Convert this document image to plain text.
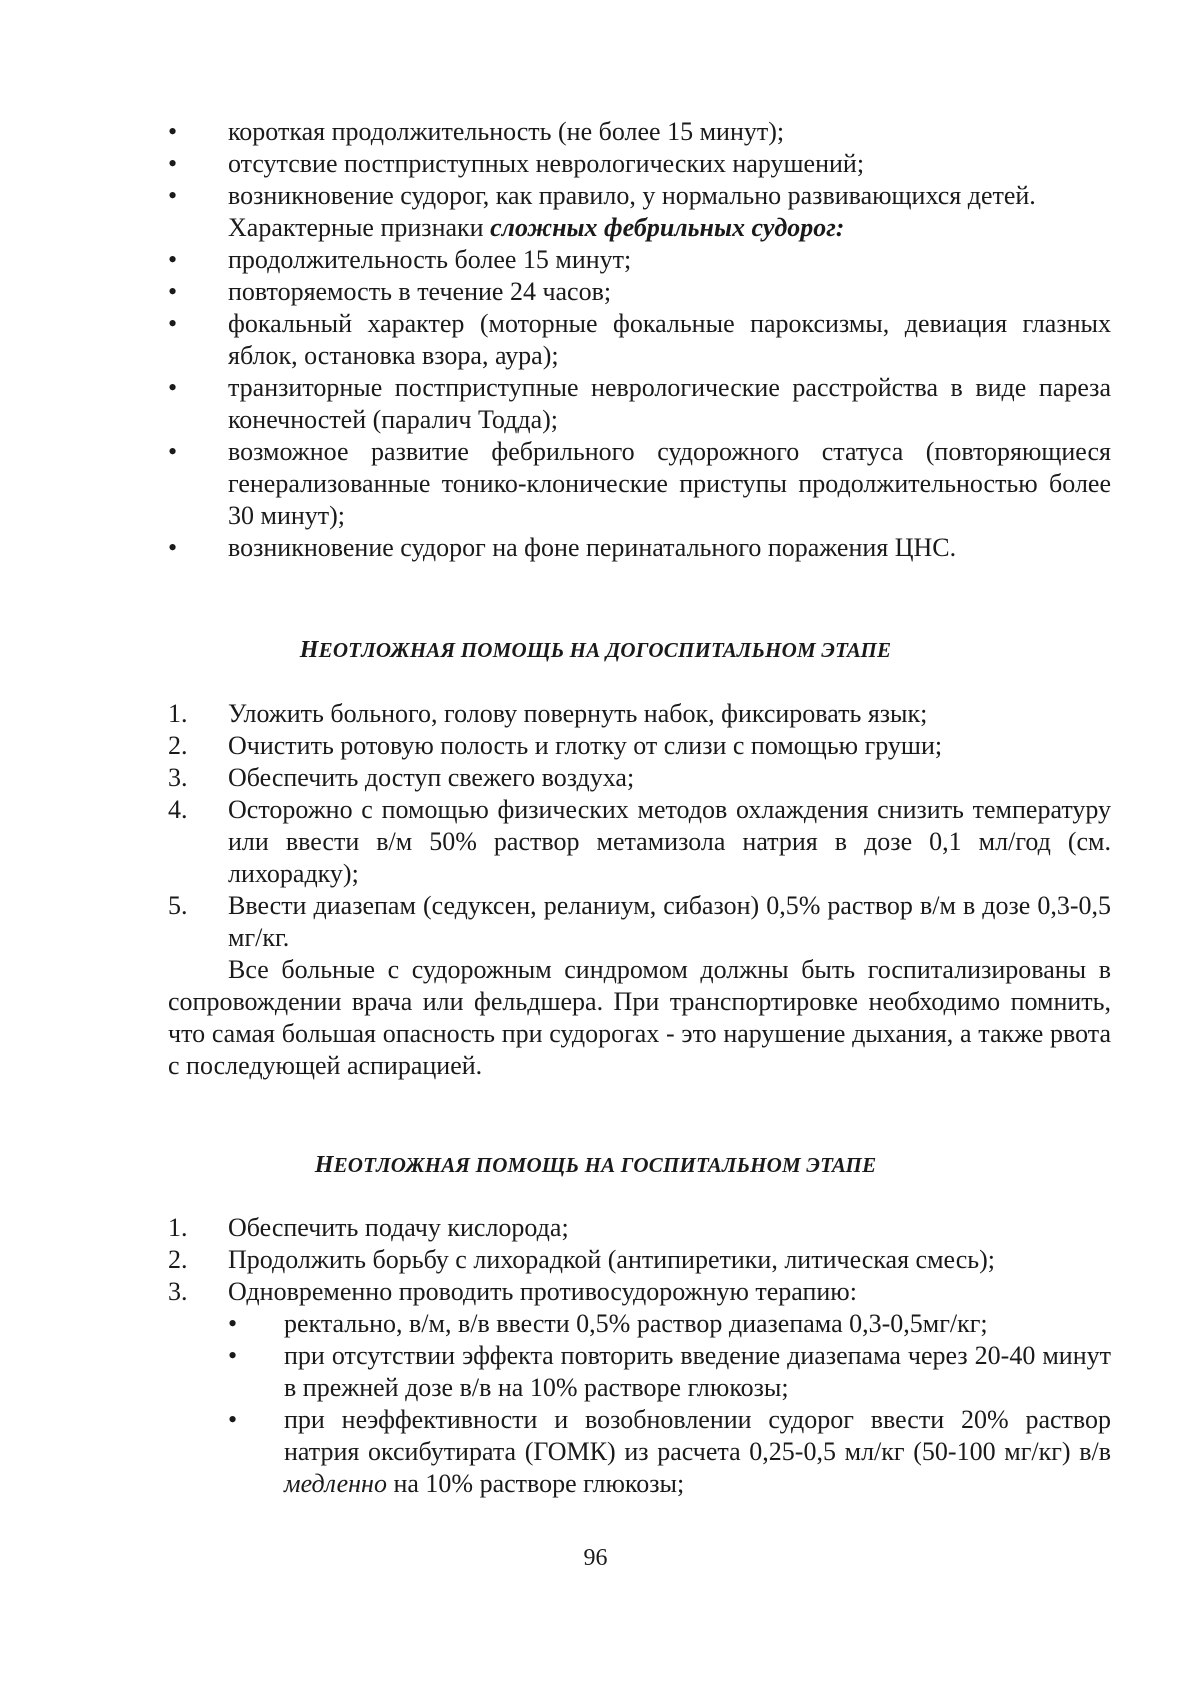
• короткая продолжительность (не более 15 минут);
• отсутсвие постприступных неврологических нарушений;
• возникновение судорог, как правило, у нормально развивающихся детей.
Характерные признаки сложных фебрильных судорог:
• продолжительность более 15 минут;
• повторяемость в течение 24 часов;
• фокальный характер (моторные фокальные пароксизмы, девиация глазных яблок, остановка взора, аура);
• транзиторные постприступные неврологические расстройства в виде пареза конечностей (паралич Тодда);
• возможное развитие фебрильного судорожного статуса (повторяющиеся генерализованные тонико-клонические приступы продолжительностью более 30 минут);
• возникновение судорог на фоне перинатального поражения ЦНС.
НЕОТЛОЖНАЯ ПОМОЩЬ НА ДОГОСПИТАЛЬНОМ ЭТАПЕ
1. Уложить больного, голову повернуть набок, фиксировать язык;
2. Очистить ротовую полость и глотку от слизи с помощью груши;
3. Обеспечить доступ свежего воздуха;
4. Осторожно с помощью физических методов охлаждения снизить температуру или ввести в/м 50% раствор метамизола натрия в дозе 0,1 мл/год (см. лихорадку);
5. Ввести диазепам (седуксен, реланиум, сибазон) 0,5% раствор в/м в дозе 0,3-0,5 мг/кг.
Все больные с судорожным синдромом должны быть госпитализированы в сопровождении врача или фельдшера. При транспортировке необходимо помнить, что самая большая опасность при судорогах - это нарушение дыхания, а также рвота с последующей аспирацией.
НЕОТЛОЖНАЯ ПОМОЩЬ НА ГОСПИТАЛЬНОМ ЭТАПЕ
1. Обеспечить подачу кислорода;
2. Продолжить борьбу с лихорадкой (антипиретики, литическая смесь);
3. Одновременно проводить противосудорожную терапию:
• ректально, в/м, в/в ввести 0,5% раствор диазепама 0,3-0,5мг/кг;
• при отсутствии эффекта повторить введение диазепама через 20-40 минут в прежней дозе в/в на 10% растворе глюкозы;
• при неэффективности и возобновлении судорог ввести 20% раствор натрия оксибутирата (ГОМК) из расчета 0,25-0,5 мл/кг (50-100 мг/кг) в/в медленно на 10% растворе глюкозы;
96
